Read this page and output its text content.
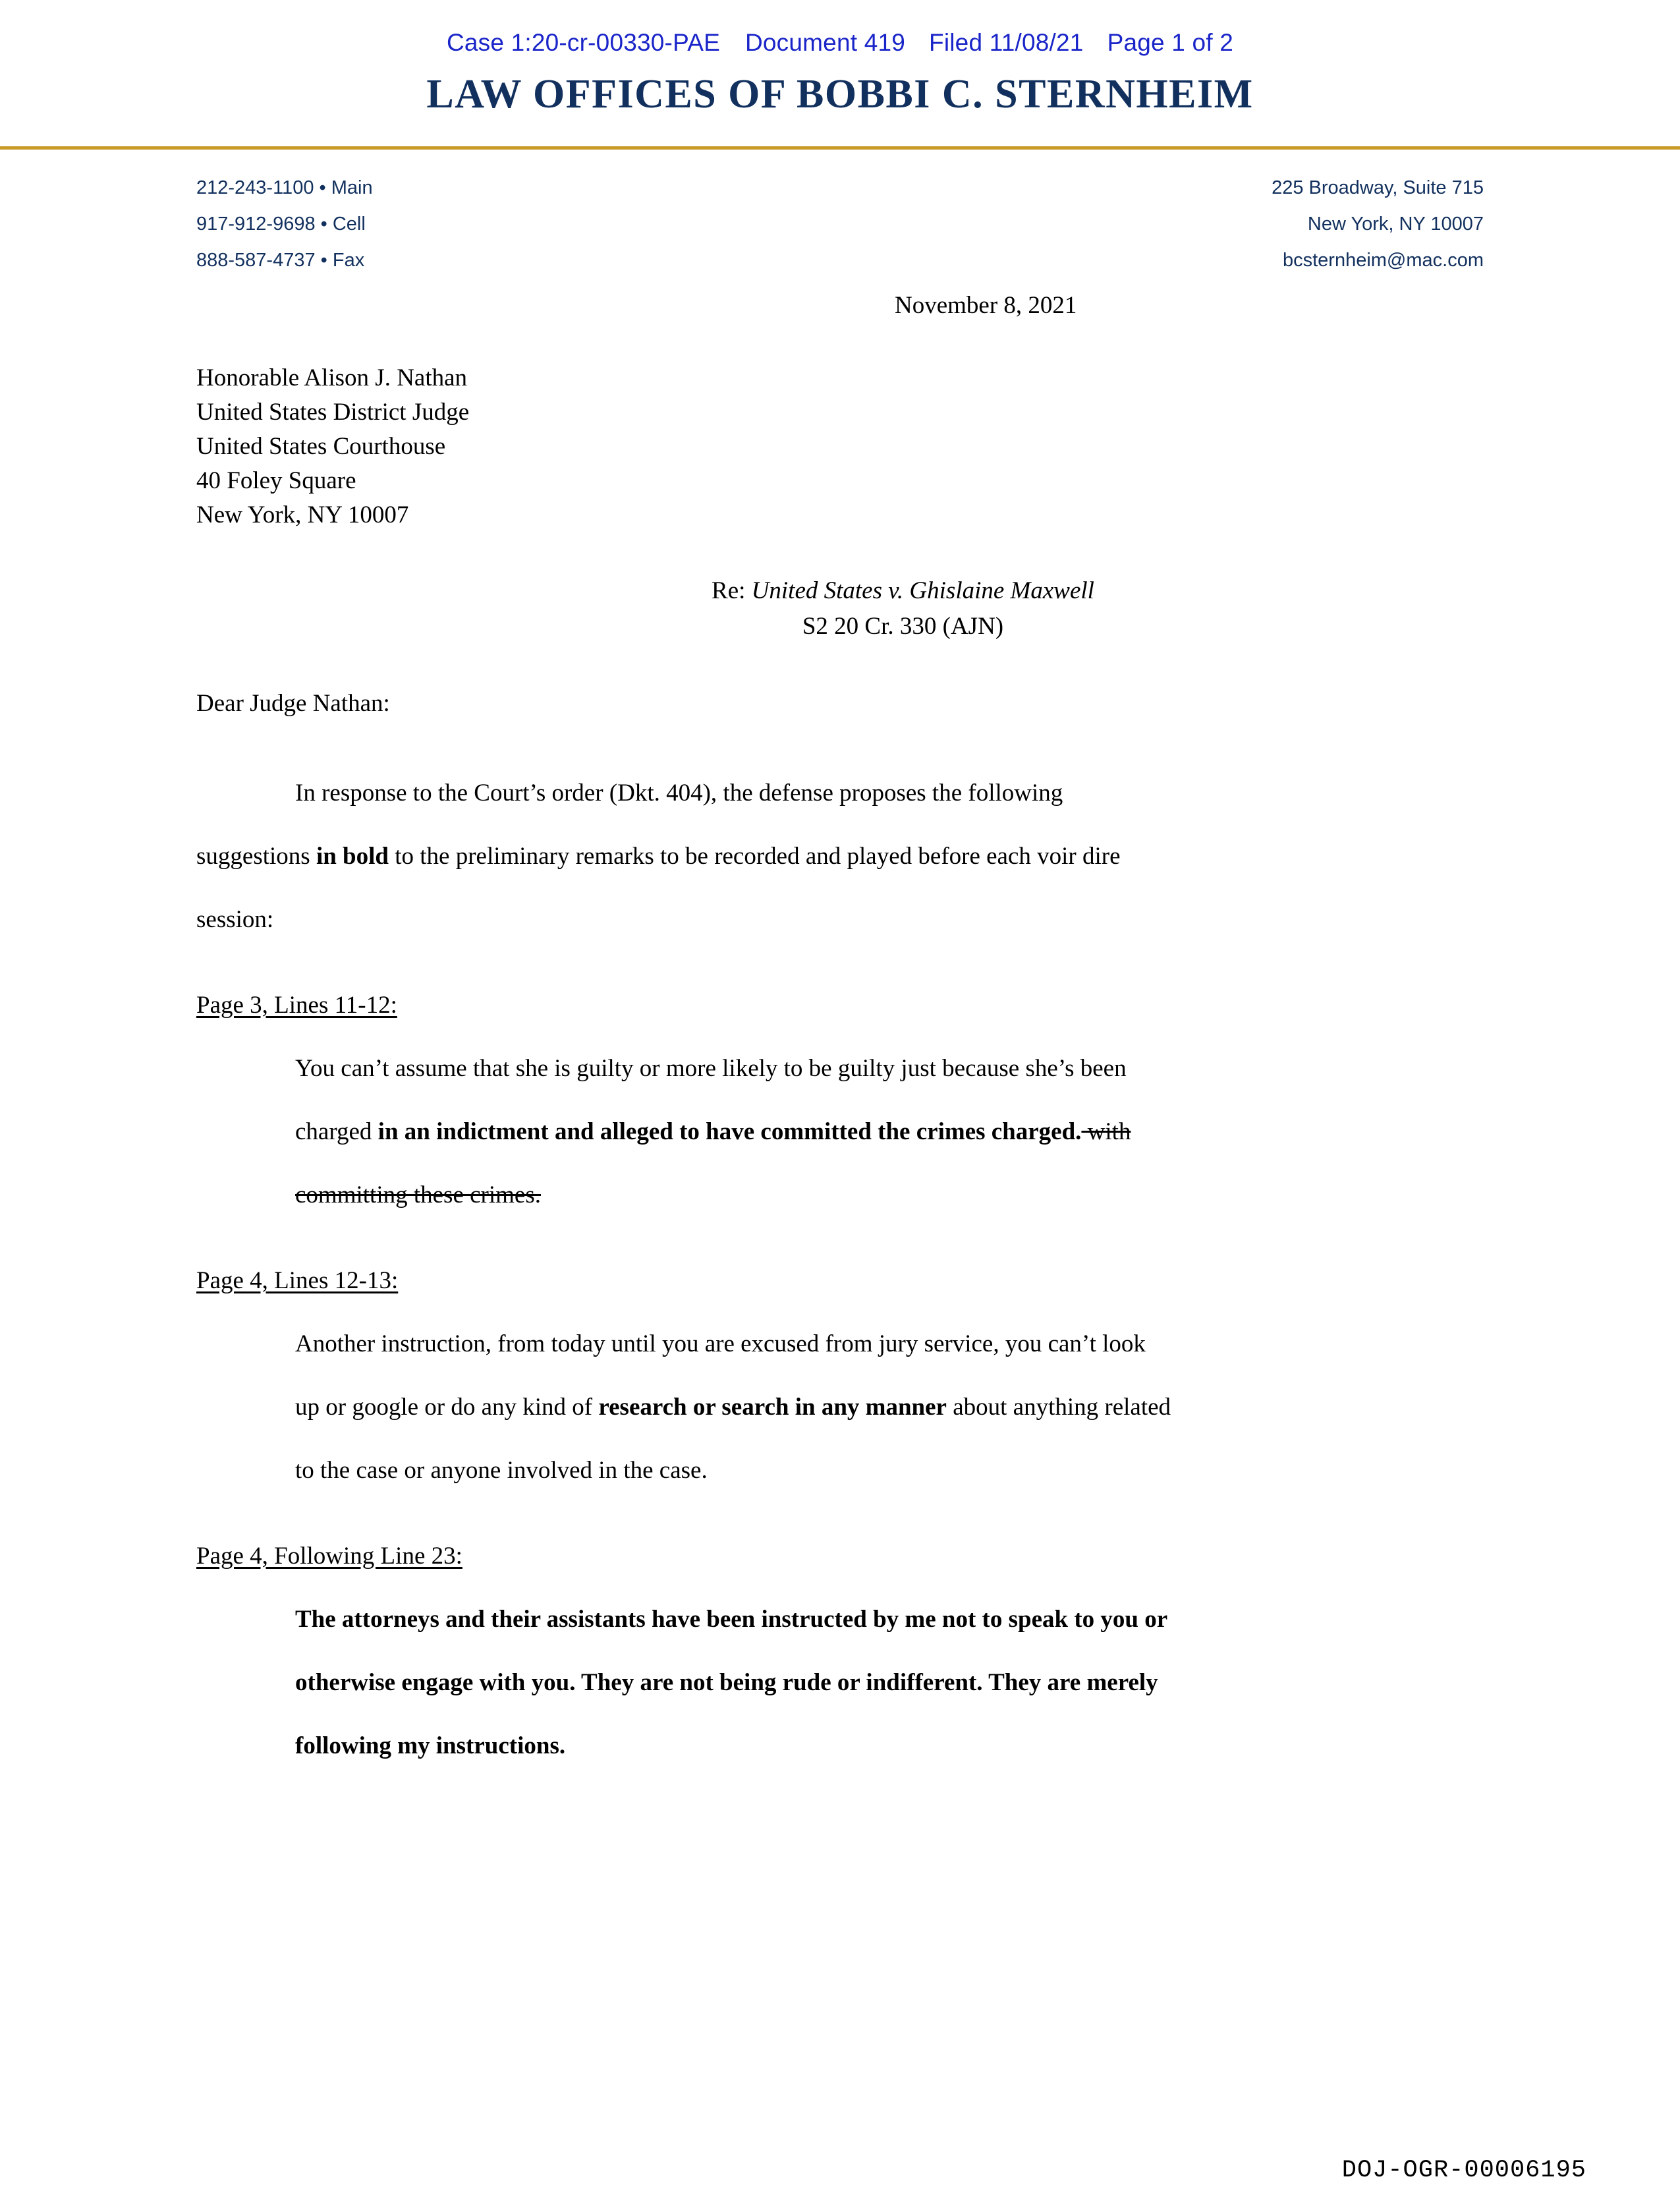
Case 1:20-cr-00330-PAE Document 419 Filed 11/08/21 Page 1 of 2
LAW OFFICES OF BOBBI C. STERNHEIM
212-243-1100 • Main
917-912-9698 • Cell
888-587-4737 • Fax
225 Broadway, Suite 715
New York, NY 10007
bcsternheim@mac.com
November 8, 2021
Honorable Alison J. Nathan
United States District Judge
United States Courthouse
40 Foley Square
New York, NY 10007
Re: United States v. Ghislaine Maxwell
S2 20 Cr. 330 (AJN)
Dear Judge Nathan:

In response to the Court’s order (Dkt. 404), the defense proposes the following

suggestions in bold to the preliminary remarks to be recorded and played before each voir dire

session:

Page 3, Lines 11-12:
You can’t assume that she is guilty or more likely to be guilty just because she’s been
charged in an indictment and alleged to have committed the crimes charged. with
committing these crimes.
Page 4, Lines 12-13:
Another instruction, from today until you are excused from jury service, you can’t look
up or google or do any kind of research or search in any manner about anything related
to the case or anyone involved in the case.
Page 4, Following Line 23:
The attorneys and their assistants have been instructed by me not to speak to you or
otherwise engage with you. They are not being rude or indifferent. They are merely
following my instructions.
DOJ-OGR-00006195
